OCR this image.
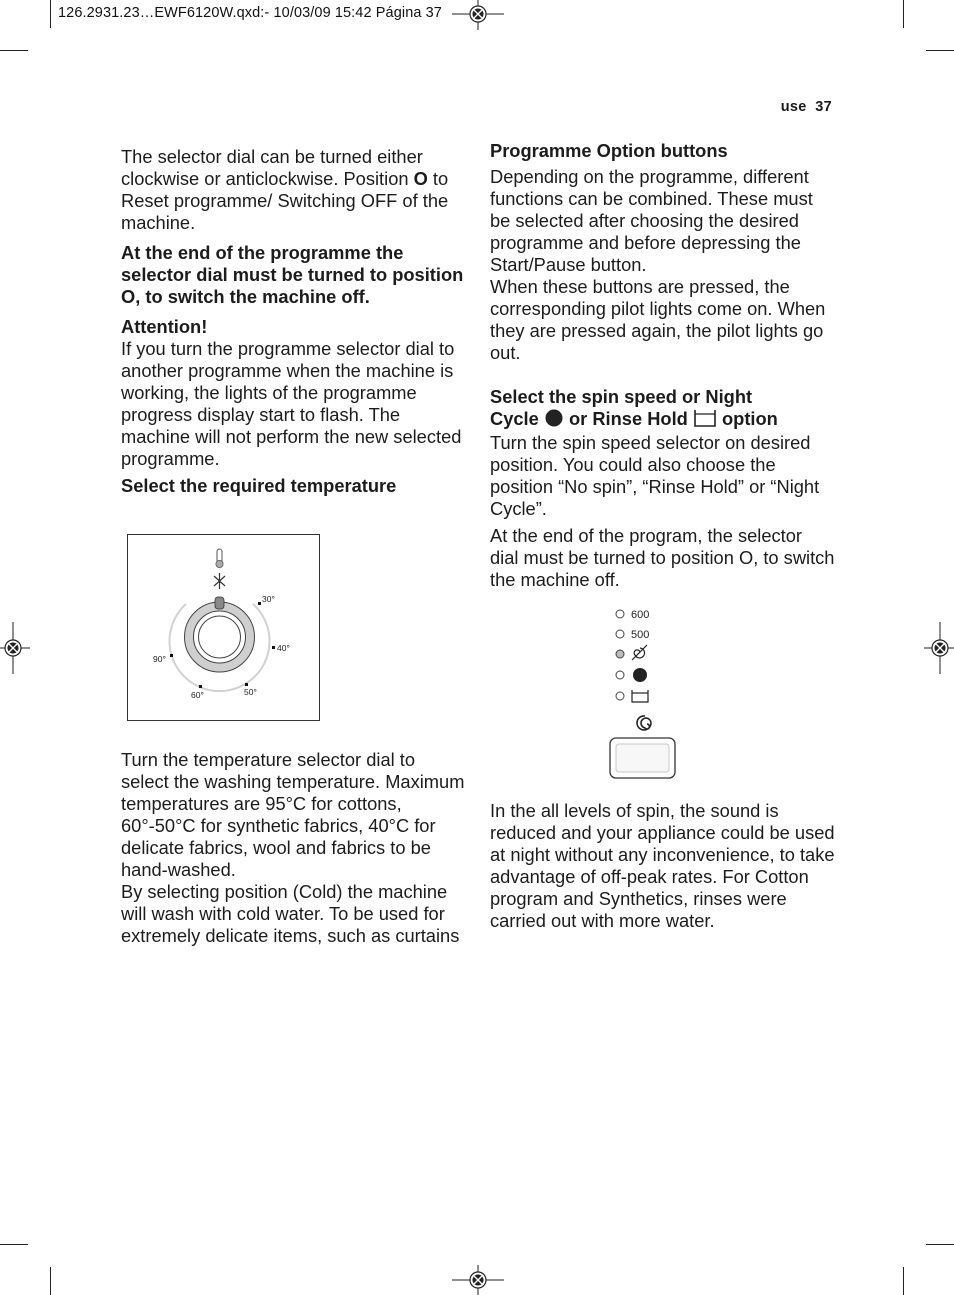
126.2931.23…EWF6120W.qxd:- 10/03/09 15:42 Página 37
use 37

The selector dial can be turned either clockwise or anticlockwise. Position O to Reset programme/ Switching OFF of the machine.

At the end of the programme the selector dial must be turned to position O, to switch the machine off.

Attention!
If you turn the programme selector dial to another programme when the machine is working, the lights of the programme progress display start to flash. The machine will not perform the new selected programme.
Select the required temperature
30°
40°
50°
60°
90°

Turn the temperature selector dial to select the washing temperature. Maximum temperatures are 95°C for cottons, 60°-50°C for synthetic fabrics, 40°C for delicate fabrics, wool and fabrics to be hand-washed.

By selecting position (Cold) the machine will wash with cold water. To be used for extremely delicate items, such as curtains

Programme Option buttons

Depending on the programme, different functions can be combined. These must be selected after choosing the desired programme and before depressing the Start/Pause button.

When these buttons are pressed, the corresponding pilot lights come on. When they are pressed again, the pilot lights go out.

Select the spin speed or Night
Cycle or Rinse Hold option

Turn the spin speed selector on desired position. You could also choose the position “No spin”, “Rinse Hold” or “Night Cycle”.

At the end of the program, the selector dial must be turned to position O, to switch the machine off.

600
500

In the all levels of spin, the sound is reduced and your appliance could be used at night without any inconvenience, to take advantage of off-peak rates. For Cotton program and Synthetics, rinses were carried out with more water.
